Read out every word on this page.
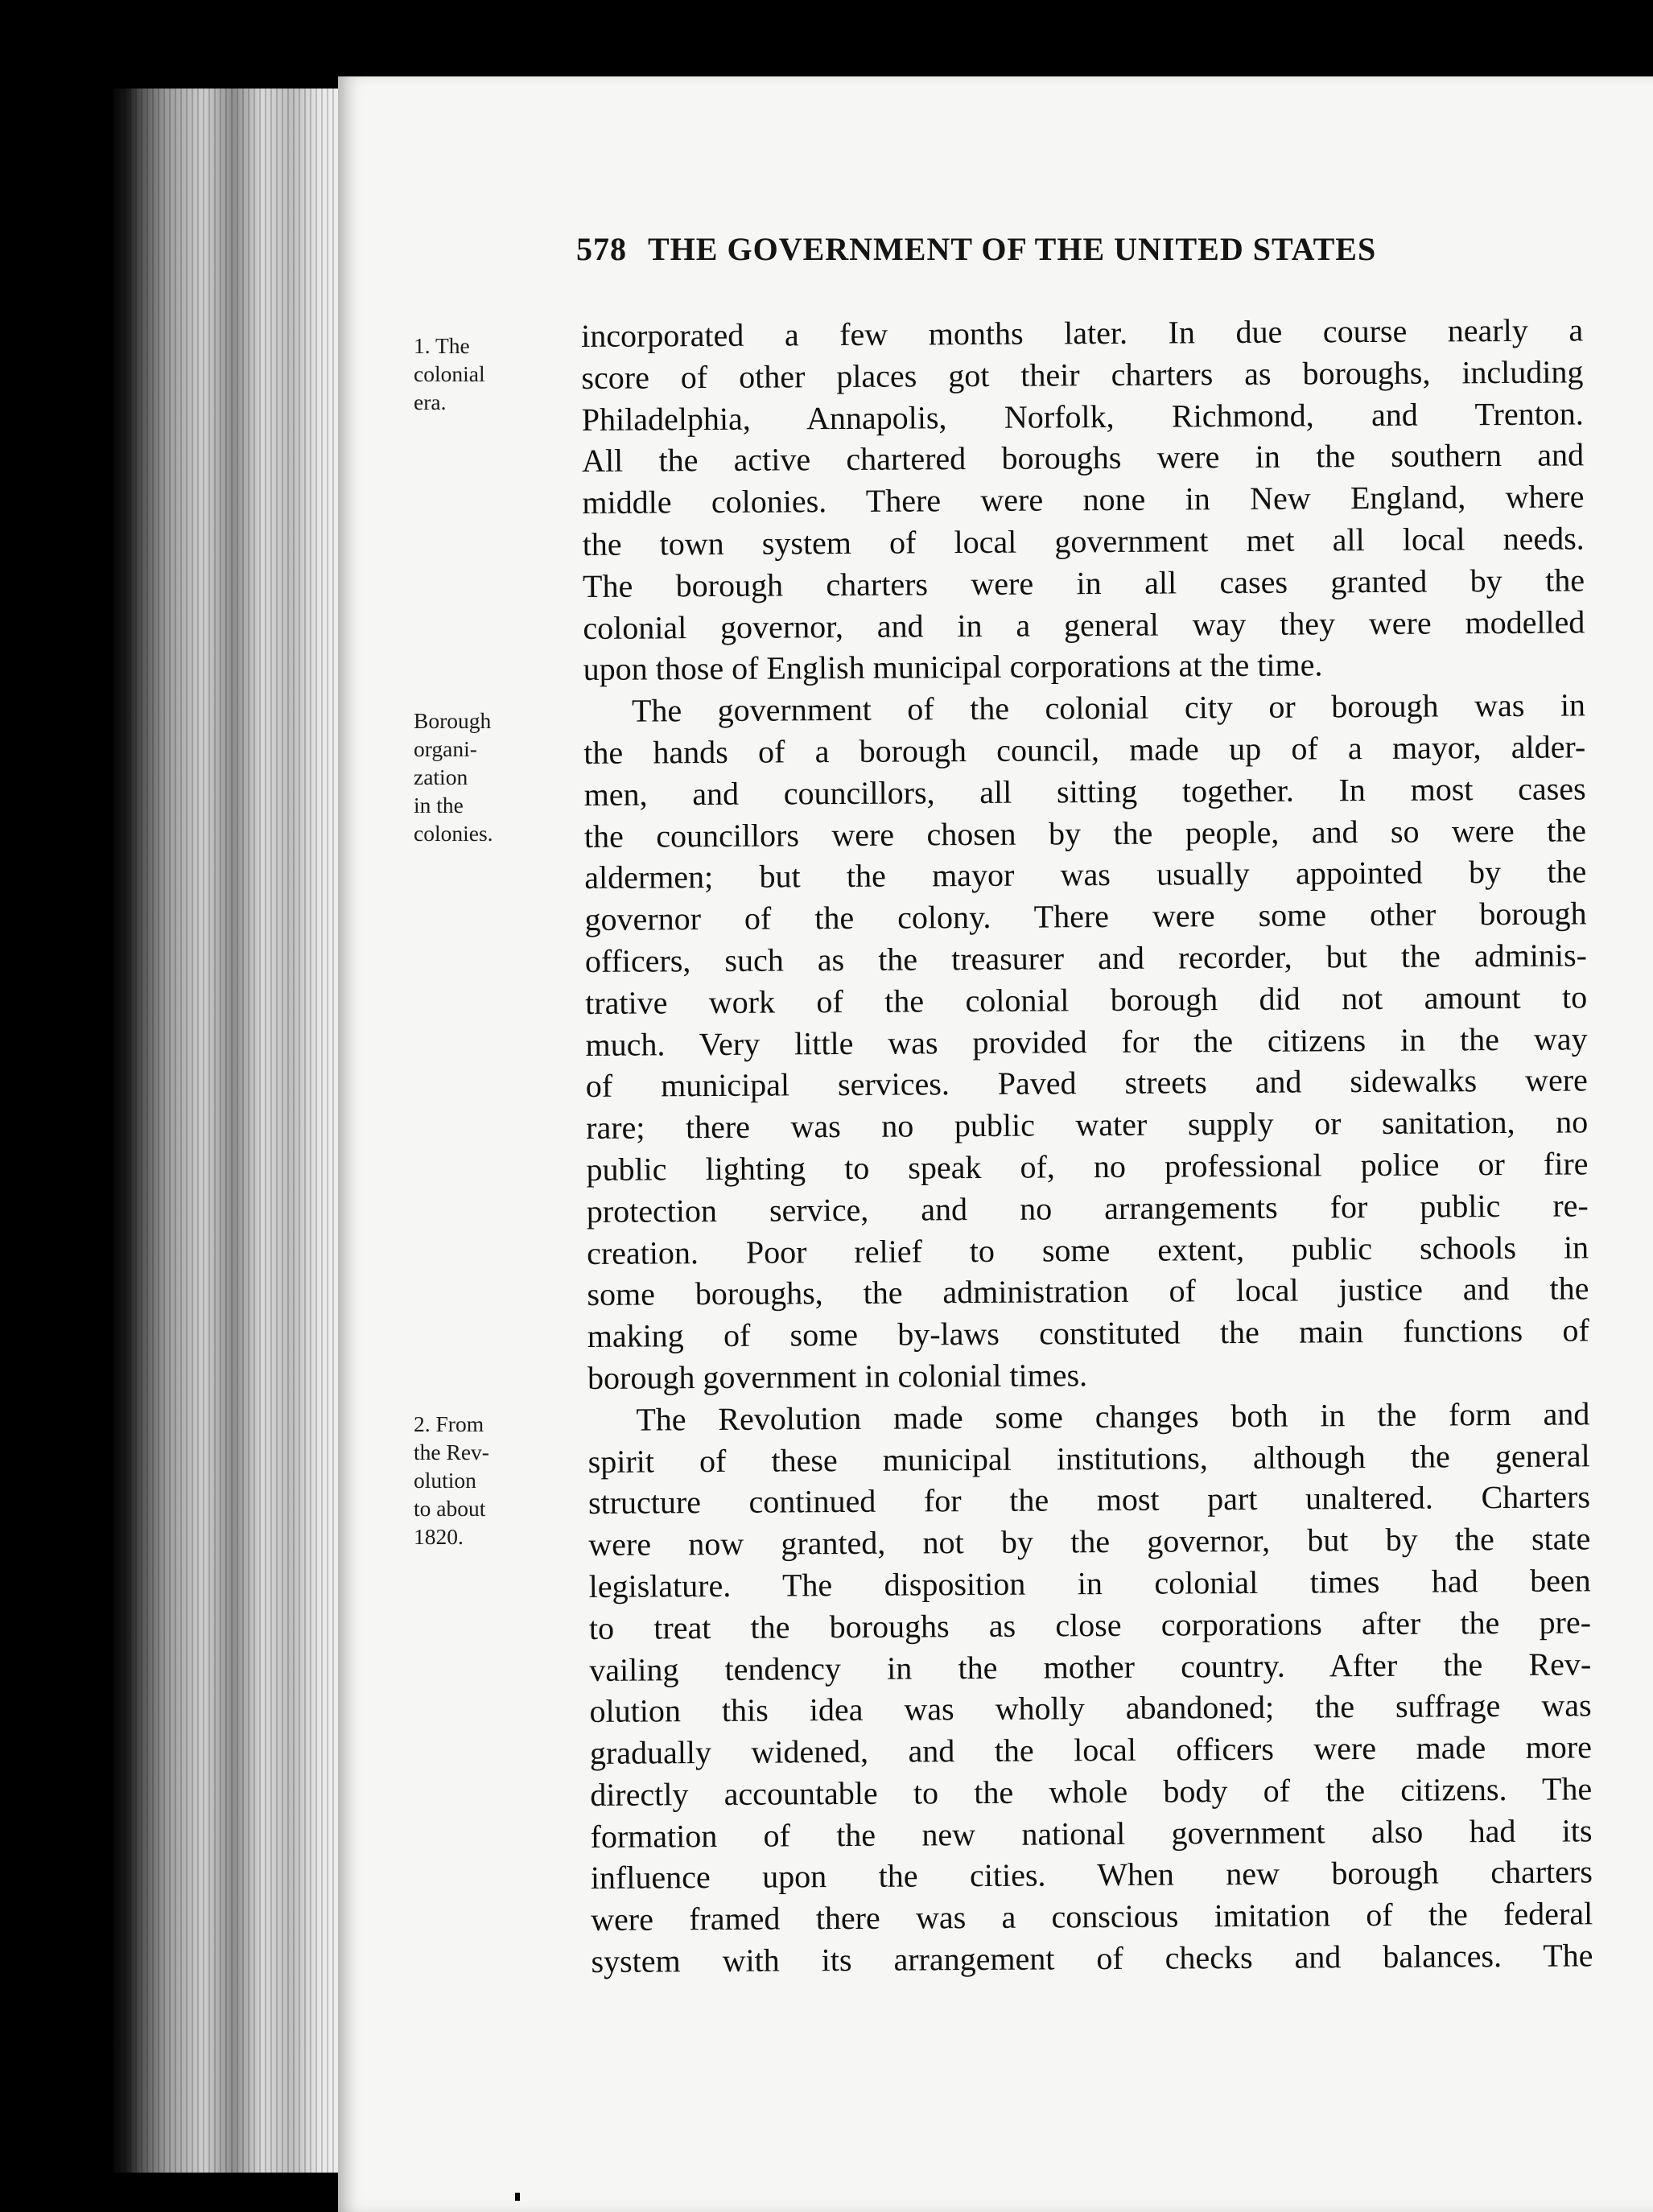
578 THE GOVERNMENT OF THE UNITED STATES

1. The
colonial
era.

Borough
organi-
zation
in the
colonies.

2. From
the Rev-
olution
to about
1820.

incorporated a few months later. In due course nearly a
score of other places got their charters as boroughs, including
Philadelphia, Annapolis, Norfolk, Richmond, and Trenton.
All the active chartered boroughs were in the southern and
middle colonies. There were none in New England, where
the town system of local government met all local needs.
The borough charters were in all cases granted by the
colonial governor, and in a general way they were modelled
upon those of English municipal corporations at the time.
The government of the colonial city or borough was in
the hands of a borough council, made up of a mayor, alder-
men, and councillors, all sitting together. In most cases
the councillors were chosen by the people, and so were the
aldermen; but the mayor was usually appointed by the
governor of the colony. There were some other borough
officers, such as the treasurer and recorder, but the adminis-
trative work of the colonial borough did not amount to
much. Very little was provided for the citizens in the way
of municipal services. Paved streets and sidewalks were
rare; there was no public water supply or sanitation, no
public lighting to speak of, no professional police or fire
protection service, and no arrangements for public re-
creation. Poor relief to some extent, public schools in
some boroughs, the administration of local justice and the
making of some by-laws constituted the main functions of
borough government in colonial times.
The Revolution made some changes both in the form and
spirit of these municipal institutions, although the general
structure continued for the most part unaltered. Charters
were now granted, not by the governor, but by the state
legislature. The disposition in colonial times had been
to treat the boroughs as close corporations after the pre-
vailing tendency in the mother country. After the Rev-
olution this idea was wholly abandoned; the suffrage was
gradually widened, and the local officers were made more
directly accountable to the whole body of the citizens. The
formation of the new national government also had its
influence upon the cities. When new borough charters
were framed there was a conscious imitation of the federal
system with its arrangement of checks and balances. The
